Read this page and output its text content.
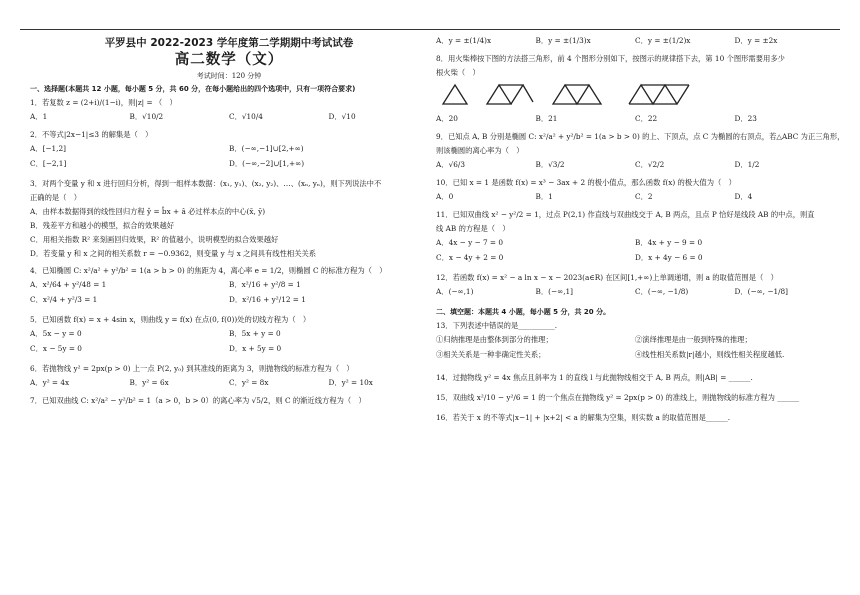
平罗县中 2022-2023 学年度第二学期期中考试试卷
高二数学（文）
考试时间：120 分钟
一、选择题(本题共 12 小题，每小题 5 分，共 60 分，在每小题给出的四个选项中，只有一项符合要求)
1．若复数 z = (2+i)/(1−i)，则|z| = （　）
A．1	B．√10/2	C．√10/4	D．√10
2．不等式|2x−1|≤3 的解集是（　）
A．[−1,2]	B．(−∞,−1]∪[2,+∞)
C．[−2,1]	D．(−∞,−2]∪[1,+∞)
3．对两个变量 y 和 x 进行回归分析，得到一组样本数据：(x₁, y₁)、(x₂, y₂)、…、(xₙ, yₙ)，则下列说法中不
正确的是（　）
A．由样本数据得到的线性回归方程 ŷ = b̂x + â 必过样本点的中心(x̄, ȳ)
B．残差平方和越小的模型，拟合的效果越好
C．用相关指数 R² 来刻画回归效果，R² 的值越小，说明模型的拟合效果越好
D．若变量 y 和 x 之间的相关系数 r = −0.9362，则变量 y 与 x 之间具有线性相关关系
4．已知椭圆 C: x²/a² + y²/b² = 1(a > b > 0) 的焦距为 4，离心率 e = 1/2，则椭圆 C 的标准方程为（　）
A．x²/64 + y²/48 = 1	B．x²/16 + y²/8 = 1
C．x²/4 + y²/3 = 1	D．x²/16 + y²/12 = 1
5．已知函数 f(x) = x + 4sin x，则曲线 y = f(x) 在点(0, f(0))处的切线方程为（　）
A．5x − y = 0	B．5x + y = 0
C．x − 5y = 0	D．x + 5y = 0
6．若抛物线 y² = 2px(p > 0) 上一点 P(2, y₀) 到其准线的距离为 3，则抛物线的标准方程为（　）
A．y² = 4x	B．y² = 6x	C．y² = 8x	D．y² = 10x
7．已知双曲线 C: x²/a² − y²/b² = 1（a > 0，b > 0）的离心率为 √5/2，则 C 的渐近线方程为（　）
A．y = ±(1/4)x	B．y = ±(1/3)x	C．y = ±(1/2)x	D．y = ±2x
8．用火柴棒按下图的方法搭三角形，前 4 个图形分别如下，按图示的规律搭下去，第 10 个图形需要用多少
根火柴（　）
A．20	B．21	C．22	D．23
9．已知点 A, B 分别是椭圆 C: x²/a² + y²/b² = 1(a > b > 0) 的上、下顶点，点 C 为椭圆的右顶点，若△ABC 为正三角形，
则该椭圆的离心率为（　）
A．√6/3	B．√3/2	C．√2/2	D．1/2
10．已知 x = 1 是函数 f(x) = x³ − 3ax + 2 的极小值点，那么函数 f(x) 的极大值为（　）
A．0	B．1	C．2	D．4
11．已知双曲线 x² − y²/2 = 1，过点 P(2,1) 作直线与双曲线交于 A, B 两点，且点 P 恰好是线段 AB 的中点，则直
线 AB 的方程是（　）
A．4x − y − 7 = 0	B．4x + y − 9 = 0
C．x − 4y + 2 = 0	D．x + 4y − 6 = 0
12．若函数 f(x) = x² − a ln x − x − 2023(a∈R) 在区间[1,+∞)上单调递增，则 a 的取值范围是（　）
A．(−∞,1)	B．(−∞,1]	C．(−∞, −1/8)	D．(−∞, −1/8]
二、填空题：本题共 4 小题，每小题 5 分，共 20 分。
13．下列表述中错误的是__________.
①归纳推理是由整体到部分的推理；	②演绎推理是由一般到特殊的推理；
③相关关系是一种非确定性关系；	④线性相关系数|r|越小，则线性相关程度越低.
14．过抛物线 y² = 4x 焦点且斜率为 1 的直线 l 与此抛物线相交于 A, B 两点，则|AB| = ______.
15．双曲线 x²/10 − y²/6 = 1 的一个焦点在抛物线 y² = 2px(p > 0) 的准线上，则抛物线的标准方程为 ______
16．若关于 x 的不等式|x−1| + |x+2| < a 的解集为空集，则实数 a 的取值范围是______.
